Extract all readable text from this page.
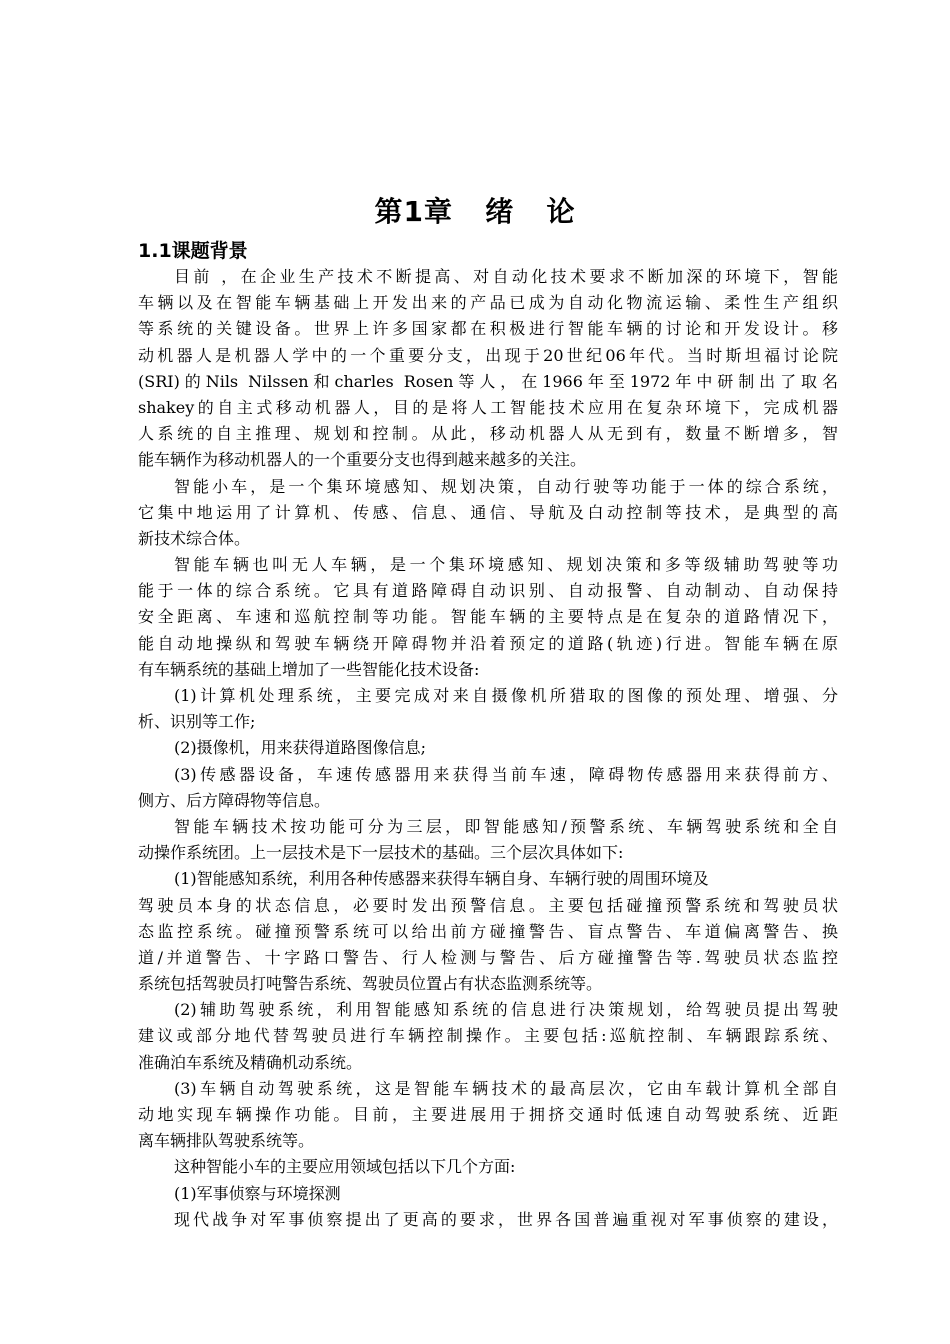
第1章   绪   论
1.1课题背景
目前 ，在企业生产技术不断提高、对自动化技术要求不断加深的环境下，智能
车辆以及在智能车辆基础上开发出来的产品已成为自动化物流运输、柔性生产组织
等系统的关键设备。世界上许多国家都在积极进行智能车辆的讨论和开发设计。移
动机器人是机器人学中的一个重要分支，出现于20世纪06年代。当时斯坦福讨论院
(SRI)的Nils Nilssen和charles Rosen等人，在1966年至1972年中研制出了取名
shakey的自主式移动机器人，目的是将人工智能技术应用在复杂环境下，完成机器
人系统的自主推理、规划和控制。从此，移动机器人从无到有，数量不断增多，智
能车辆作为移动机器人的一个重要分支也得到越来越多的关注。
智能小车，是一个集环境感知、规划决策，自动行驶等功能于一体的综合系统，
它集中地运用了计算机、传感、信息、通信、导航及白动控制等技术，是典型的高
新技术综合体。
智能车辆也叫无人车辆，是一个集环境感知、规划决策和多等级辅助驾驶等功
能于一体的综合系统。它具有道路障碍自动识别、自动报警、自动制动、自动保持
安全距离、车速和巡航控制等功能。智能车辆的主要特点是在复杂的道路情况下，
能自动地操纵和驾驶车辆绕开障碍物并沿着预定的道路(轨迹)行进。智能车辆在原
有车辆系统的基础上增加了一些智能化技术设备:
(1)计算机处理系统，主要完成对来自摄像机所猎取的图像的预处理、增强、分
析、识别等工作;
(2)摄像机，用来获得道路图像信息;
(3)传感器设备，车速传感器用来获得当前车速，障碍物传感器用来获得前方、
侧方、后方障碍物等信息。
智能车辆技术按功能可分为三层，即智能感知/预警系统、车辆驾驶系统和全自
动操作系统团。上一层技术是下一层技术的基础。三个层次具体如下:
(1)智能感知系统，利用各种传感器来获得车辆自身、车辆行驶的周围环境及
驾驶员本身的状态信息，必要时发出预警信息。主要包括碰撞预警系统和驾驶员状
态监控系统。碰撞预警系统可以给出前方碰撞警告、盲点警告、车道偏离警告、换
道/并道警告、十字路口警告、行人检测与警告、后方碰撞警告等.驾驶员状态监控
系统包括驾驶员打吨警告系统、驾驶员位置占有状态监测系统等。
(2)辅助驾驶系统，利用智能感知系统的信息进行决策规划，给驾驶员提出驾驶
建议或部分地代替驾驶员进行车辆控制操作。主要包括:巡航控制、车辆跟踪系统、
准确泊车系统及精确机动系统。
(3)车辆自动驾驶系统，这是智能车辆技术的最高层次，它由车载计算机全部自
动地实现车辆操作功能。目前，主要进展用于拥挤交通时低速自动驾驶系统、近距
离车辆排队驾驶系统等。
这种智能小车的主要应用领域包括以下几个方面:
(1)军事侦察与环境探测
现代战争对军事侦察提出了更高的要求，世界各国普遍重视对军事侦察的建设，
